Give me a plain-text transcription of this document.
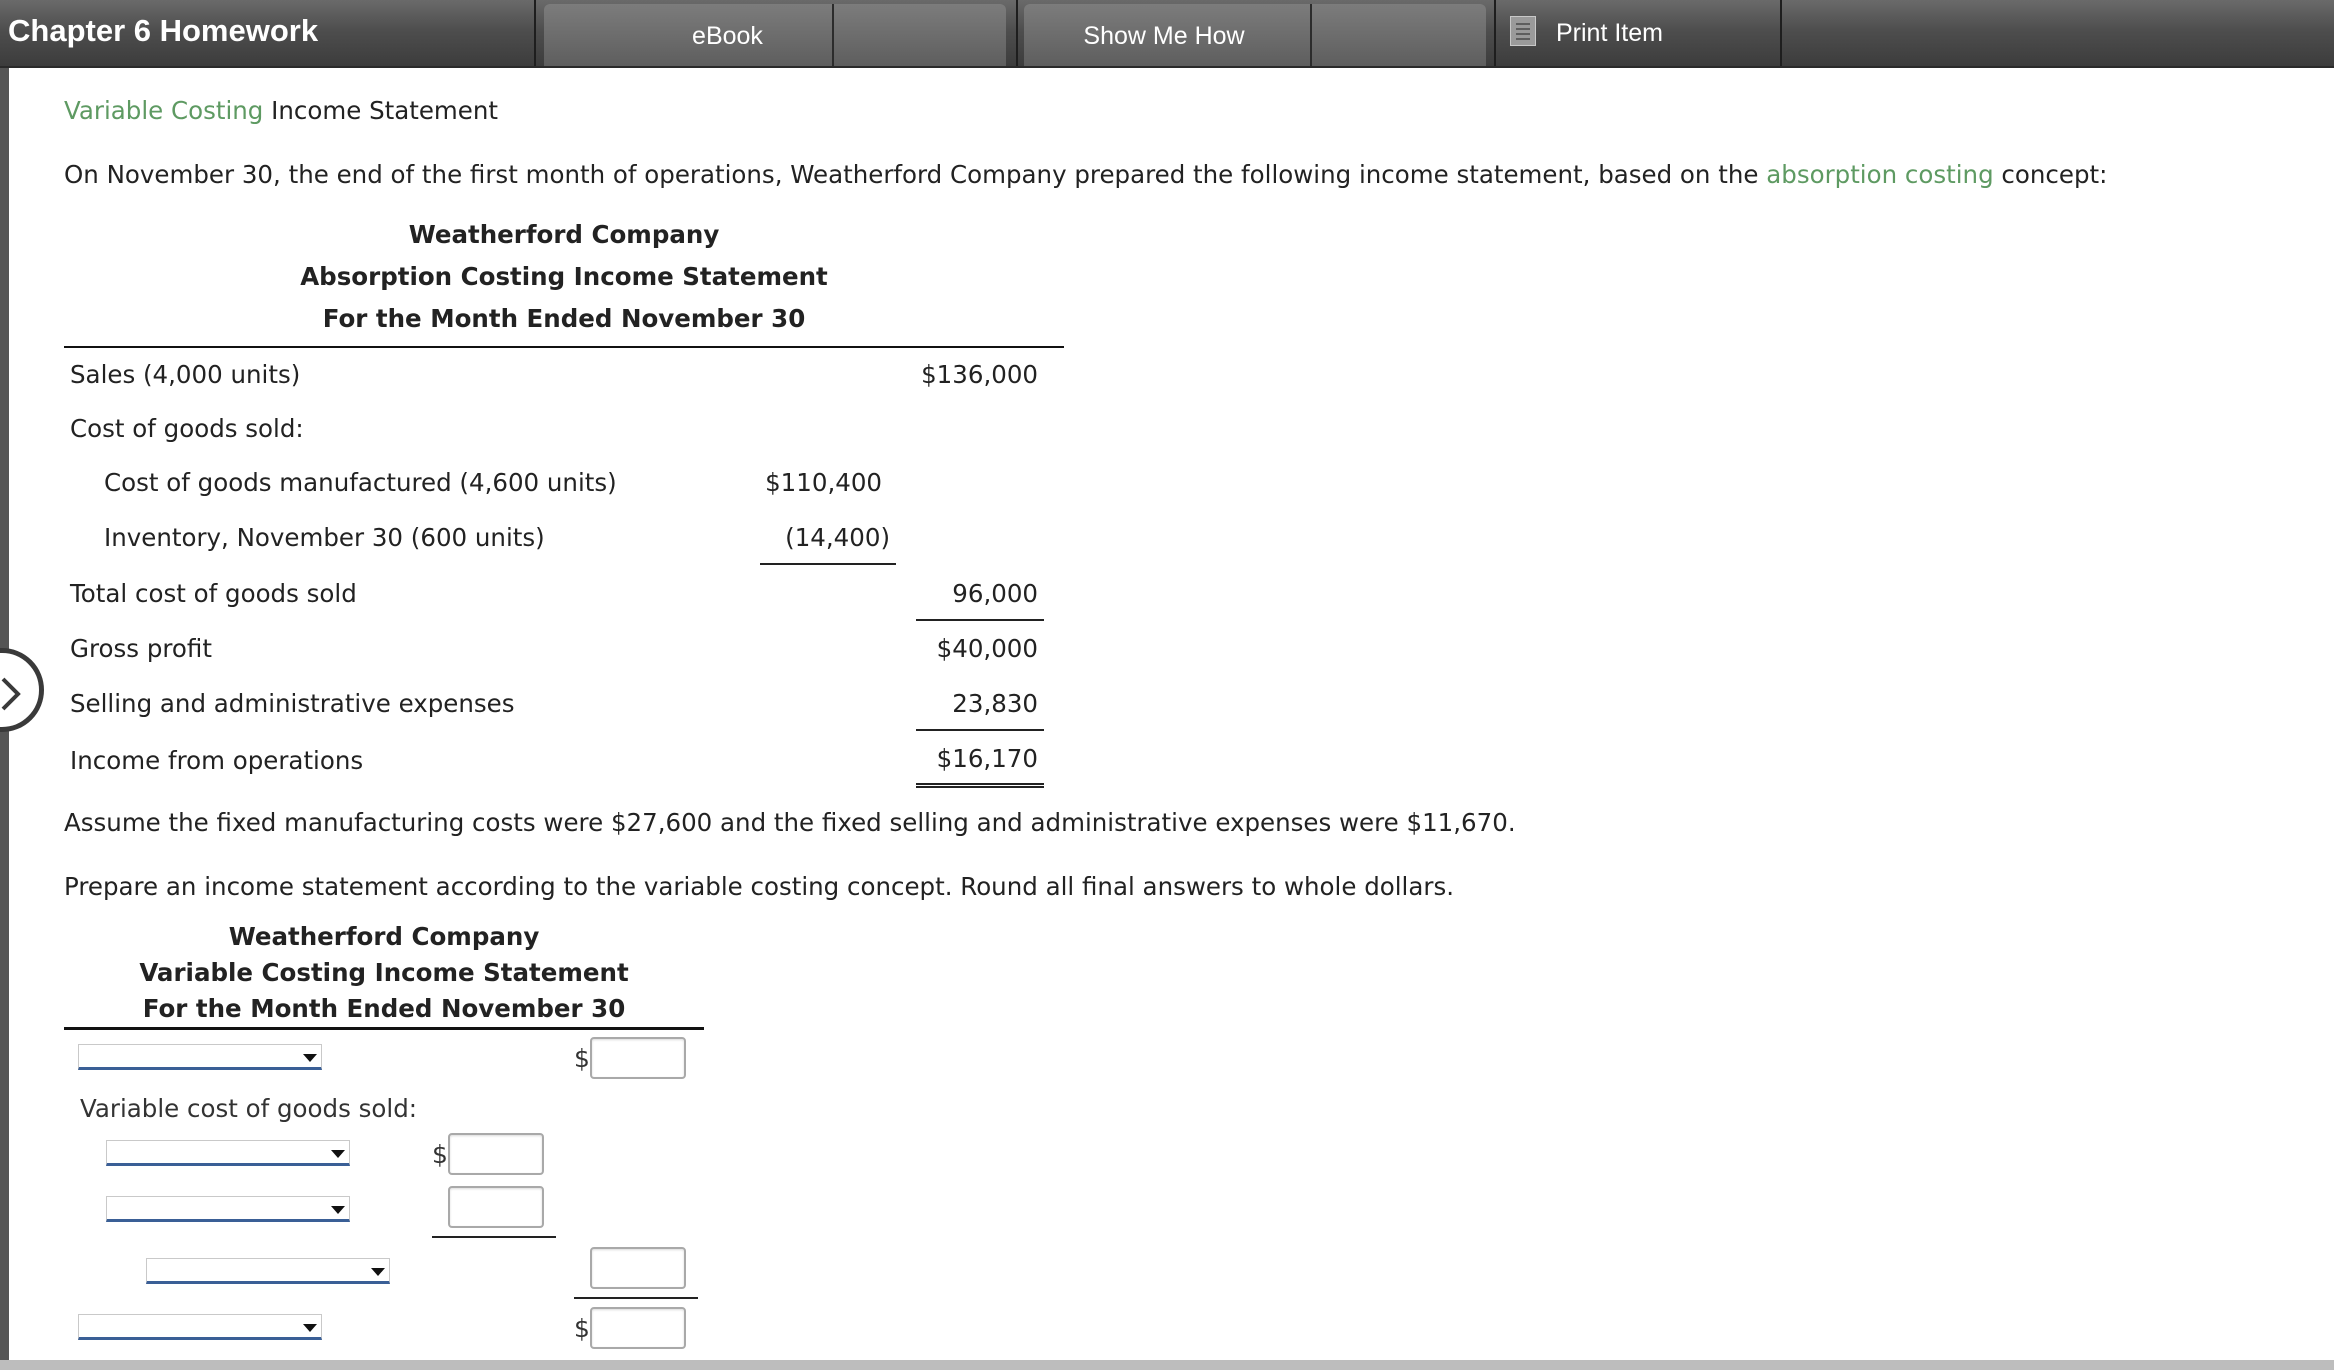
Chapter 6 Homework	eBook	Show Me How	Print Item
Variable Costing Income Statement
On November 30, the end of the first month of operations, Weatherford Company prepared the following income statement, based on the absorption costing concept:
Weatherford Company
Absorption Costing Income Statement
For the Month Ended November 30
Sales (4,000 units)	$136,000
Cost of goods sold:
Cost of goods manufactured (4,600 units)	$110,400
Inventory, November 30 (600 units)	(14,400)
Total cost of goods sold	96,000
Gross profit	$40,000
Selling and administrative expenses	23,830
Income from operations	$16,170
Assume the fixed manufacturing costs were $27,600 and the fixed selling and administrative expenses were $11,670.
Prepare an income statement according to the variable costing concept. Round all final answers to whole dollars.
Weatherford Company
Variable Costing Income Statement
For the Month Ended November 30
$
Variable cost of goods sold:
$
$
